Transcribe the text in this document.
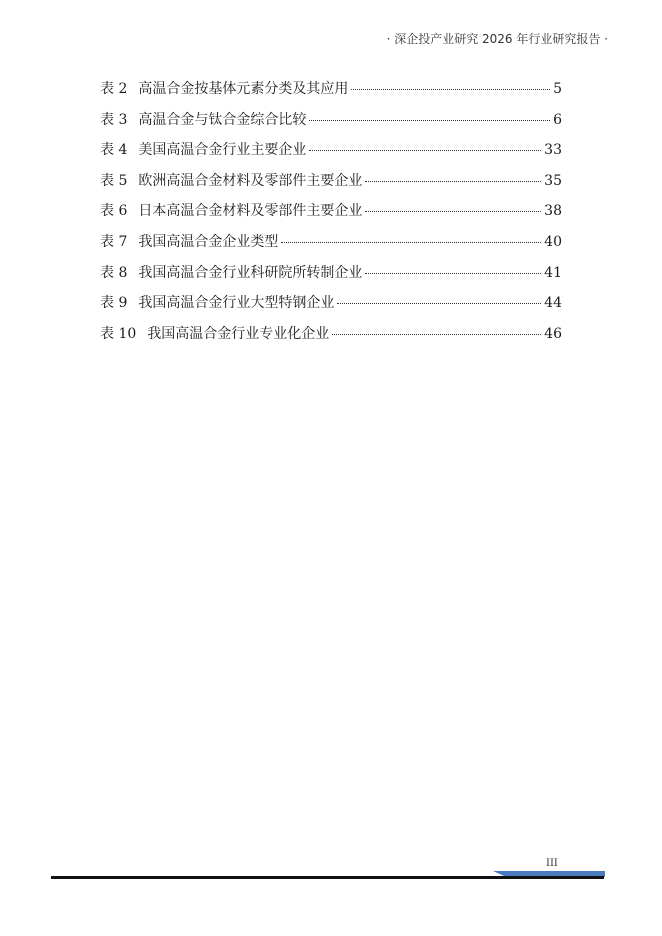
· 深企投产业研究 2026 年行业研究报告 ·
表 2 高温合金按基体元素分类及其应用	5
表 3 高温合金与钛合金综合比较	6
表 4 美国高温合金行业主要企业	33
表 5 欧洲高温合金材料及零部件主要企业	35
表 6 日本高温合金材料及零部件主要企业	38
表 7 我国高温合金企业类型	40
表 8 我国高温合金行业科研院所转制企业	41
表 9 我国高温合金行业大型特钢企业	44
表 10 我国高温合金行业专业化企业	46
III
